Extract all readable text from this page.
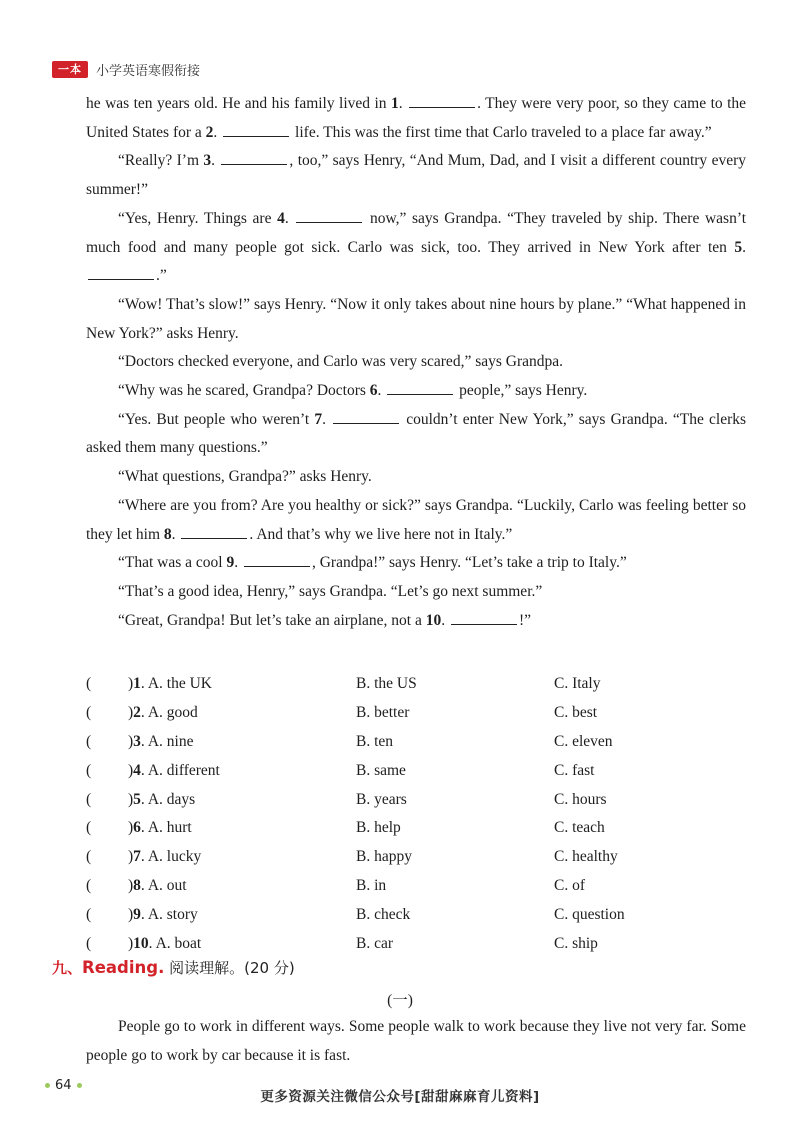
一本	小学英语寒假衔接

he was ten years old. He and his family lived in 1.	. They were very poor, so they came to the United States for a 2.	life. This was the first time that Carlo traveled to a place far away.”

“Really? I’m 3.	, too,” says Henry, “And Mum, Dad, and I visit a different country every summer!”

“Yes, Henry. Things are 4.	now,” says Grandpa. “They traveled by ship. There wasn’t much food and many people got sick. Carlo was sick, too. They arrived in New York after ten 5. .”

“Wow! That’s slow!” says Henry. “Now it only takes about nine hours by plane.” “What happened in New York?” asks Henry.

“Doctors checked everyone, and Carlo was very scared,” says Grandpa.

“Why was he scared, Grandpa? Doctors 6.	people,” says Henry.

“Yes. But people who weren’t 7.	couldn’t enter New York,” says Grandpa. “The clerks asked them many questions.”

“What questions, Grandpa?” asks Henry.

“Where are you from? Are you healthy or sick?” says Grandpa. “Luckily, Carlo was feeling better so they let him 8.	. And that’s why we live here not in Italy.”

“That was a cool 9.	, Grandpa!” says Henry. “Let’s take a trip to Italy.”

“That’s a good idea, Henry,” says Grandpa. “Let’s go next summer.”

“Great, Grandpa! But let’s take an airplane, not a 10.	!”

(	)1. A. the UK	B. the US	C. Italy
(	)2. A. good	B. better	C. best
(	)3. A. nine	B. ten	C. eleven
(	)4. A. different	B. same	C. fast
(	)5. A. days	B. years	C. hours
(	)6. A. hurt	B. help	C. teach
(	)7. A. lucky	B. happy	C. healthy
(	)8. A. out	B. in	C. of
(	)9. A. story	B. check	C. question
(	)10. A. boat	B. car	C. ship
九、Reading. 阅读理解。(20 分)
(一)

People go to work in different ways. Some people walk to work because they live not very far. Some people go to work by car because it is fast.

64
更多资源关注微信公众号[甜甜麻麻育儿资料]
